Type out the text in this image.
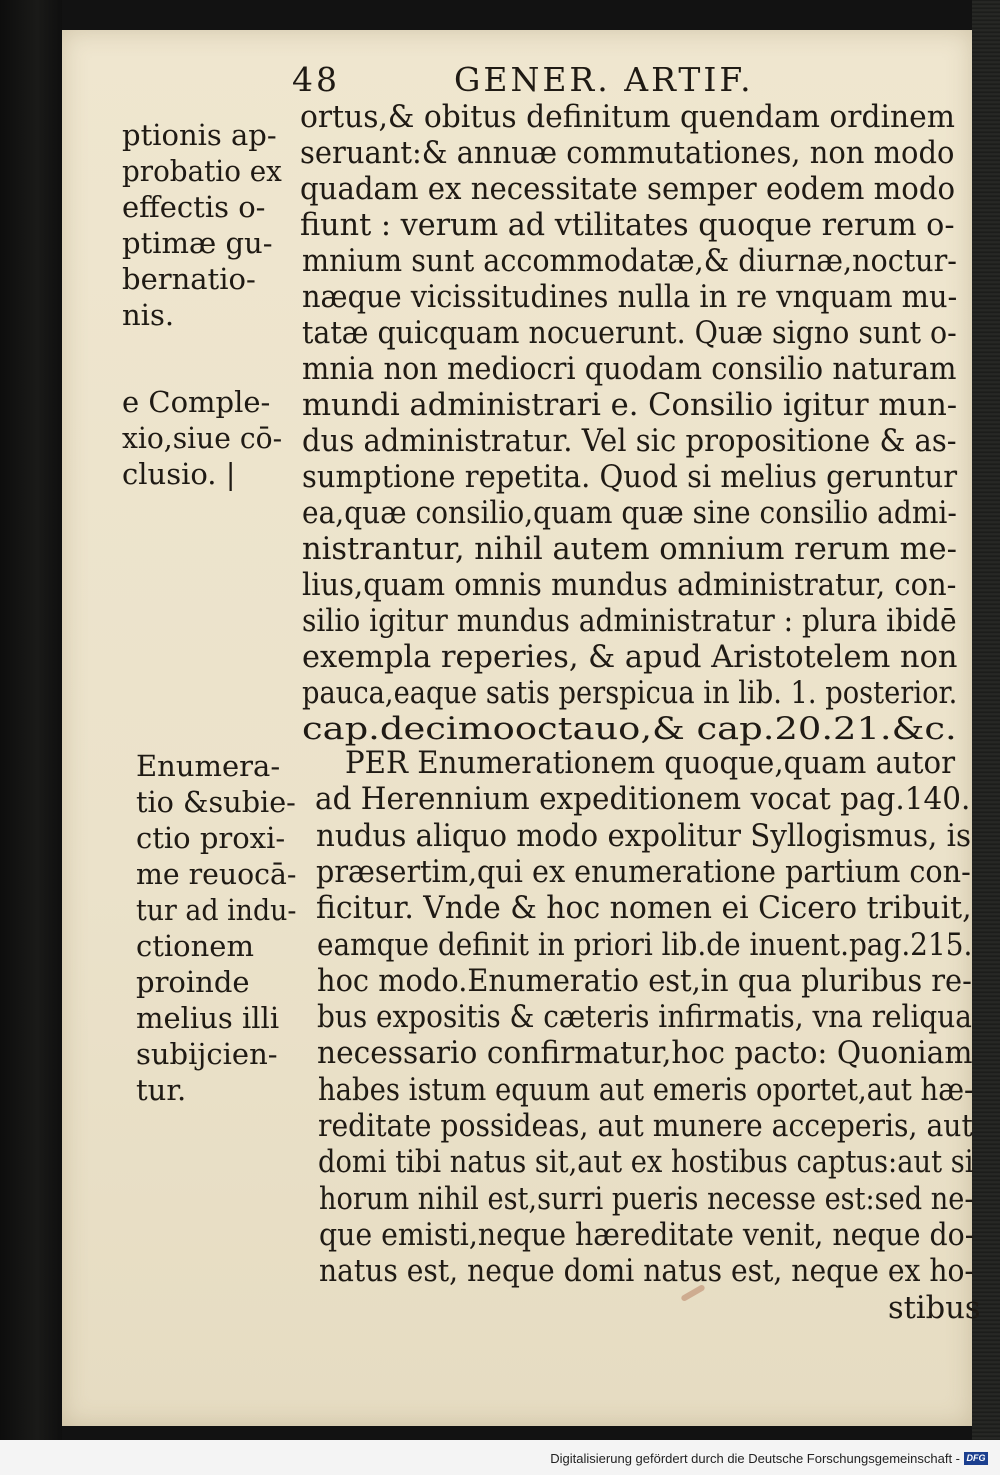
48	GENER. ARTIF.

ptionis ap-

probatio ex

effectis o-

ptimæ gu-

bernatio-

nis.

e Comple-

xio,siue cō-

clusio. |

Enumera-

tio &subie-

ctio proxi-

me reuocā-

tur ad indu-

ctionem

proinde

melius illi

subijcien-

tur.

ortus,& obitus definitum quendam ordinem

seruant:& annuæ commutationes, non modo

quadam ex necessitate semper eodem modo

fiunt : verum ad vtilitates quoque rerum o-

mnium sunt accommodatæ,& diurnæ,noctur-

næque vicissitudines nulla in re vnquam mu-

tatæ quicquam nocuerunt. Quæ signo sunt o-

mnia non mediocri quodam consilio naturam

mundi administrari e. Consilio igitur mun-

dus administratur. Vel sic propositione & as-

sumptione repetita. Quod si melius geruntur

ea,quæ consilio,quam quæ sine consilio admi-

nistrantur, nihil autem omnium rerum me-

lius,quam omnis mundus administratur, con-

silio igitur mundus administratur : plura ibidē

exempla reperies, & apud Aristotelem non

pauca,eaque satis perspicua in lib. 1. posterior.

cap.decimooctauo,& cap.20.21.&c.

PER Enumerationem quoque,quam autor

ad Herennium expeditionem vocat pag.140.

nudus aliquo modo expolitur Syllogismus, is

præsertim,qui ex enumeratione partium con-

ficitur. Vnde & hoc nomen ei Cicero tribuit,

eamque definit in priori lib.de inuent.pag.215.

hoc modo.Enumeratio est,in qua pluribus re-

bus expositis & cæteris infirmatis, vna reliqua

necessario confirmatur,hoc pacto: Quoniam

habes istum equum aut emeris oportet,aut hæ-

reditate possideas, aut munere acceperis, aut

domi tibi natus sit,aut ex hostibus captus:aut si

horum nihil est,surri pueris necesse est:sed ne-

que emisti,neque hæreditate venit, neque do-

natus est, neque domi natus est, neque ex ho-

stibus

Digitalisierung gefördert durch die Deutsche Forschungsgemeinschaft - DFG
